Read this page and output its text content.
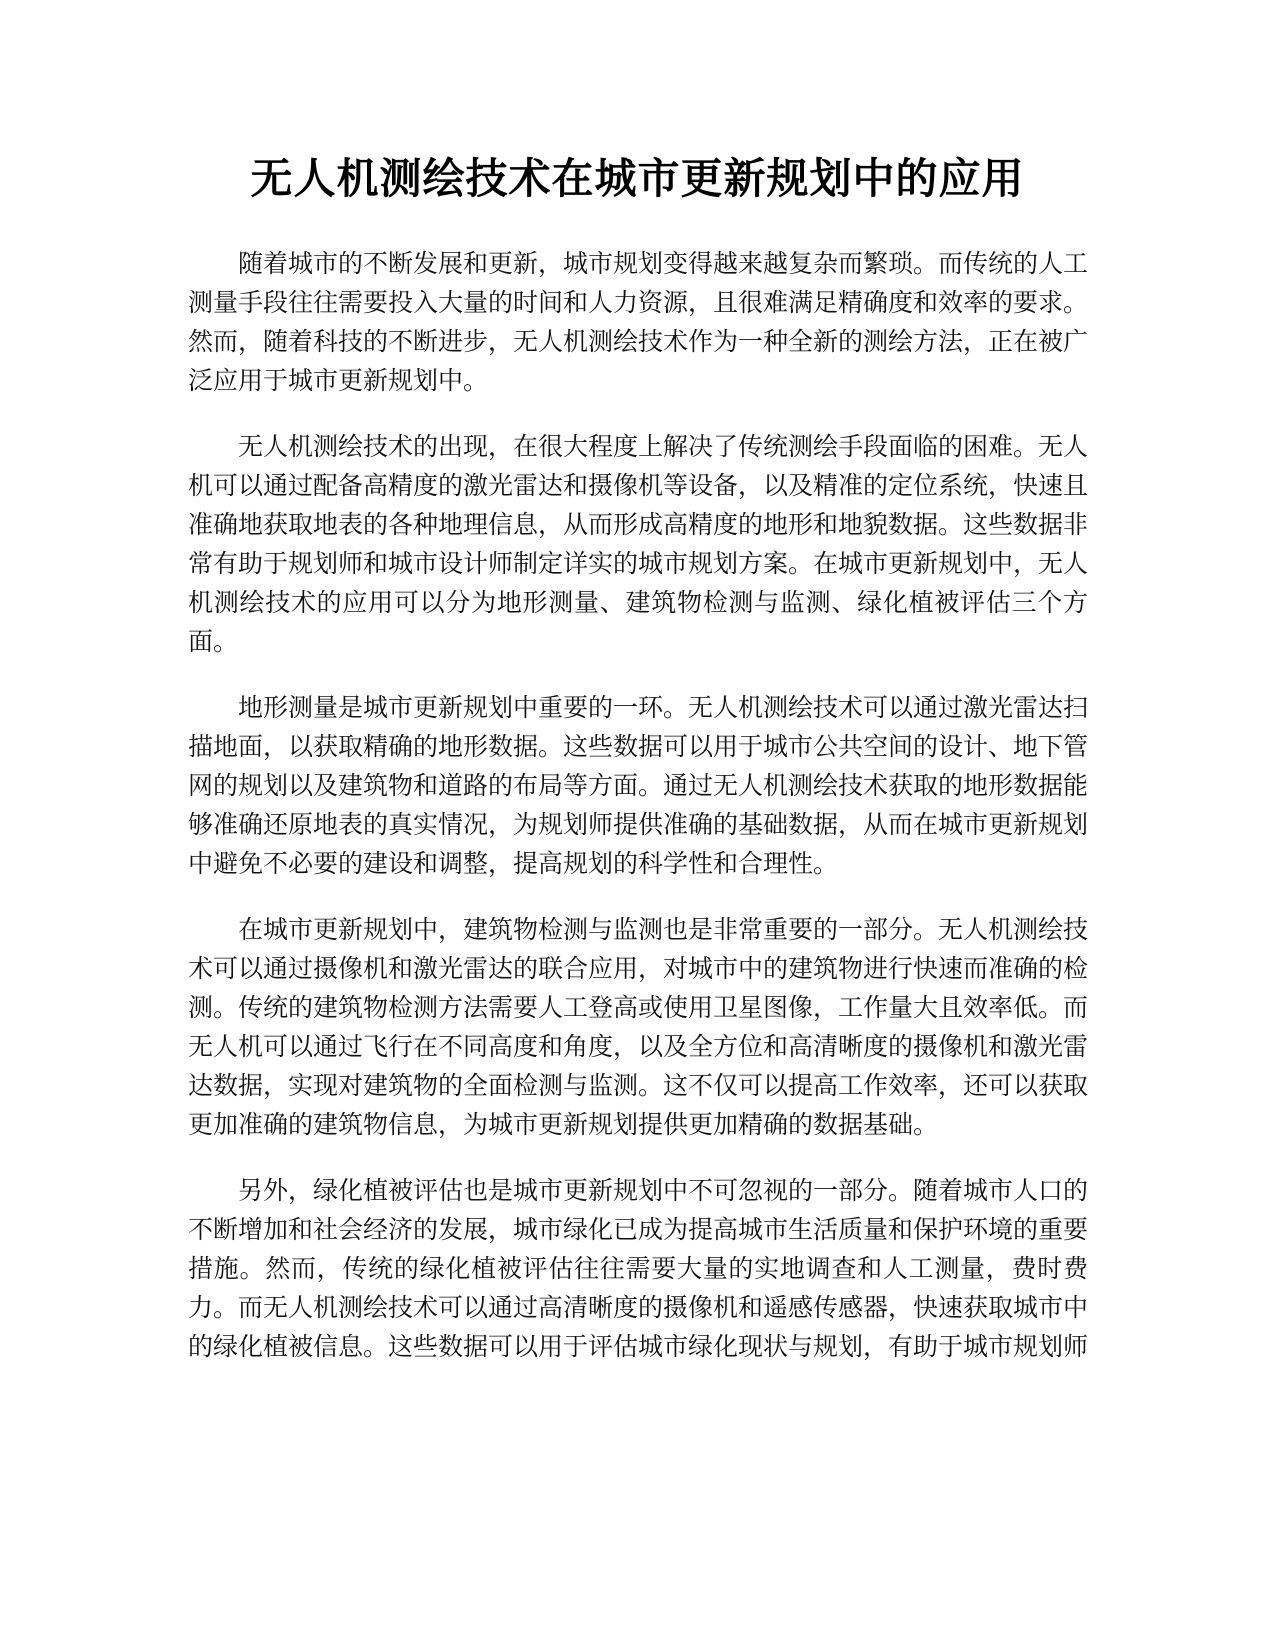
无人机测绘技术在城市更新规划中的应用

随着城市的不断发展和更新，城市规划变得越来越复杂而繁琐。而传统的人工测量手段往往需要投入大量的时间和人力资源，且很难满足精确度和效率的要求。然而，随着科技的不断进步，无人机测绘技术作为一种全新的测绘方法，正在被广泛应用于城市更新规划中。

无人机测绘技术的出现，在很大程度上解决了传统测绘手段面临的困难。无人机可以通过配备高精度的激光雷达和摄像机等设备，以及精准的定位系统，快速且准确地获取地表的各种地理信息，从而形成高精度的地形和地貌数据。这些数据非常有助于规划师和城市设计师制定详实的城市规划方案。在城市更新规划中，无人机测绘技术的应用可以分为地形测量、建筑物检测与监测、绿化植被评估三个方面。

地形测量是城市更新规划中重要的一环。无人机测绘技术可以通过激光雷达扫描地面，以获取精确的地形数据。这些数据可以用于城市公共空间的设计、地下管网的规划以及建筑物和道路的布局等方面。通过无人机测绘技术获取的地形数据能够准确还原地表的真实情况，为规划师提供准确的基础数据，从而在城市更新规划中避免不必要的建设和调整，提高规划的科学性和合理性。

在城市更新规划中，建筑物检测与监测也是非常重要的一部分。无人机测绘技术可以通过摄像机和激光雷达的联合应用，对城市中的建筑物进行快速而准确的检测。传统的建筑物检测方法需要人工登高或使用卫星图像，工作量大且效率低。而无人机可以通过飞行在不同高度和角度，以及全方位和高清晰度的摄像机和激光雷达数据，实现对建筑物的全面检测与监测。这不仅可以提高工作效率，还可以获取更加准确的建筑物信息，为城市更新规划提供更加精确的数据基础。

另外，绿化植被评估也是城市更新规划中不可忽视的一部分。随着城市人口的不断增加和社会经济的发展，城市绿化已成为提高城市生活质量和保护环境的重要措施。然而，传统的绿化植被评估往往需要大量的实地调查和人工测量，费时费力。而无人机测绘技术可以通过高清晰度的摄像机和遥感传感器，快速获取城市中的绿化植被信息。这些数据可以用于评估城市绿化现状与规划，有助于城市规划师
